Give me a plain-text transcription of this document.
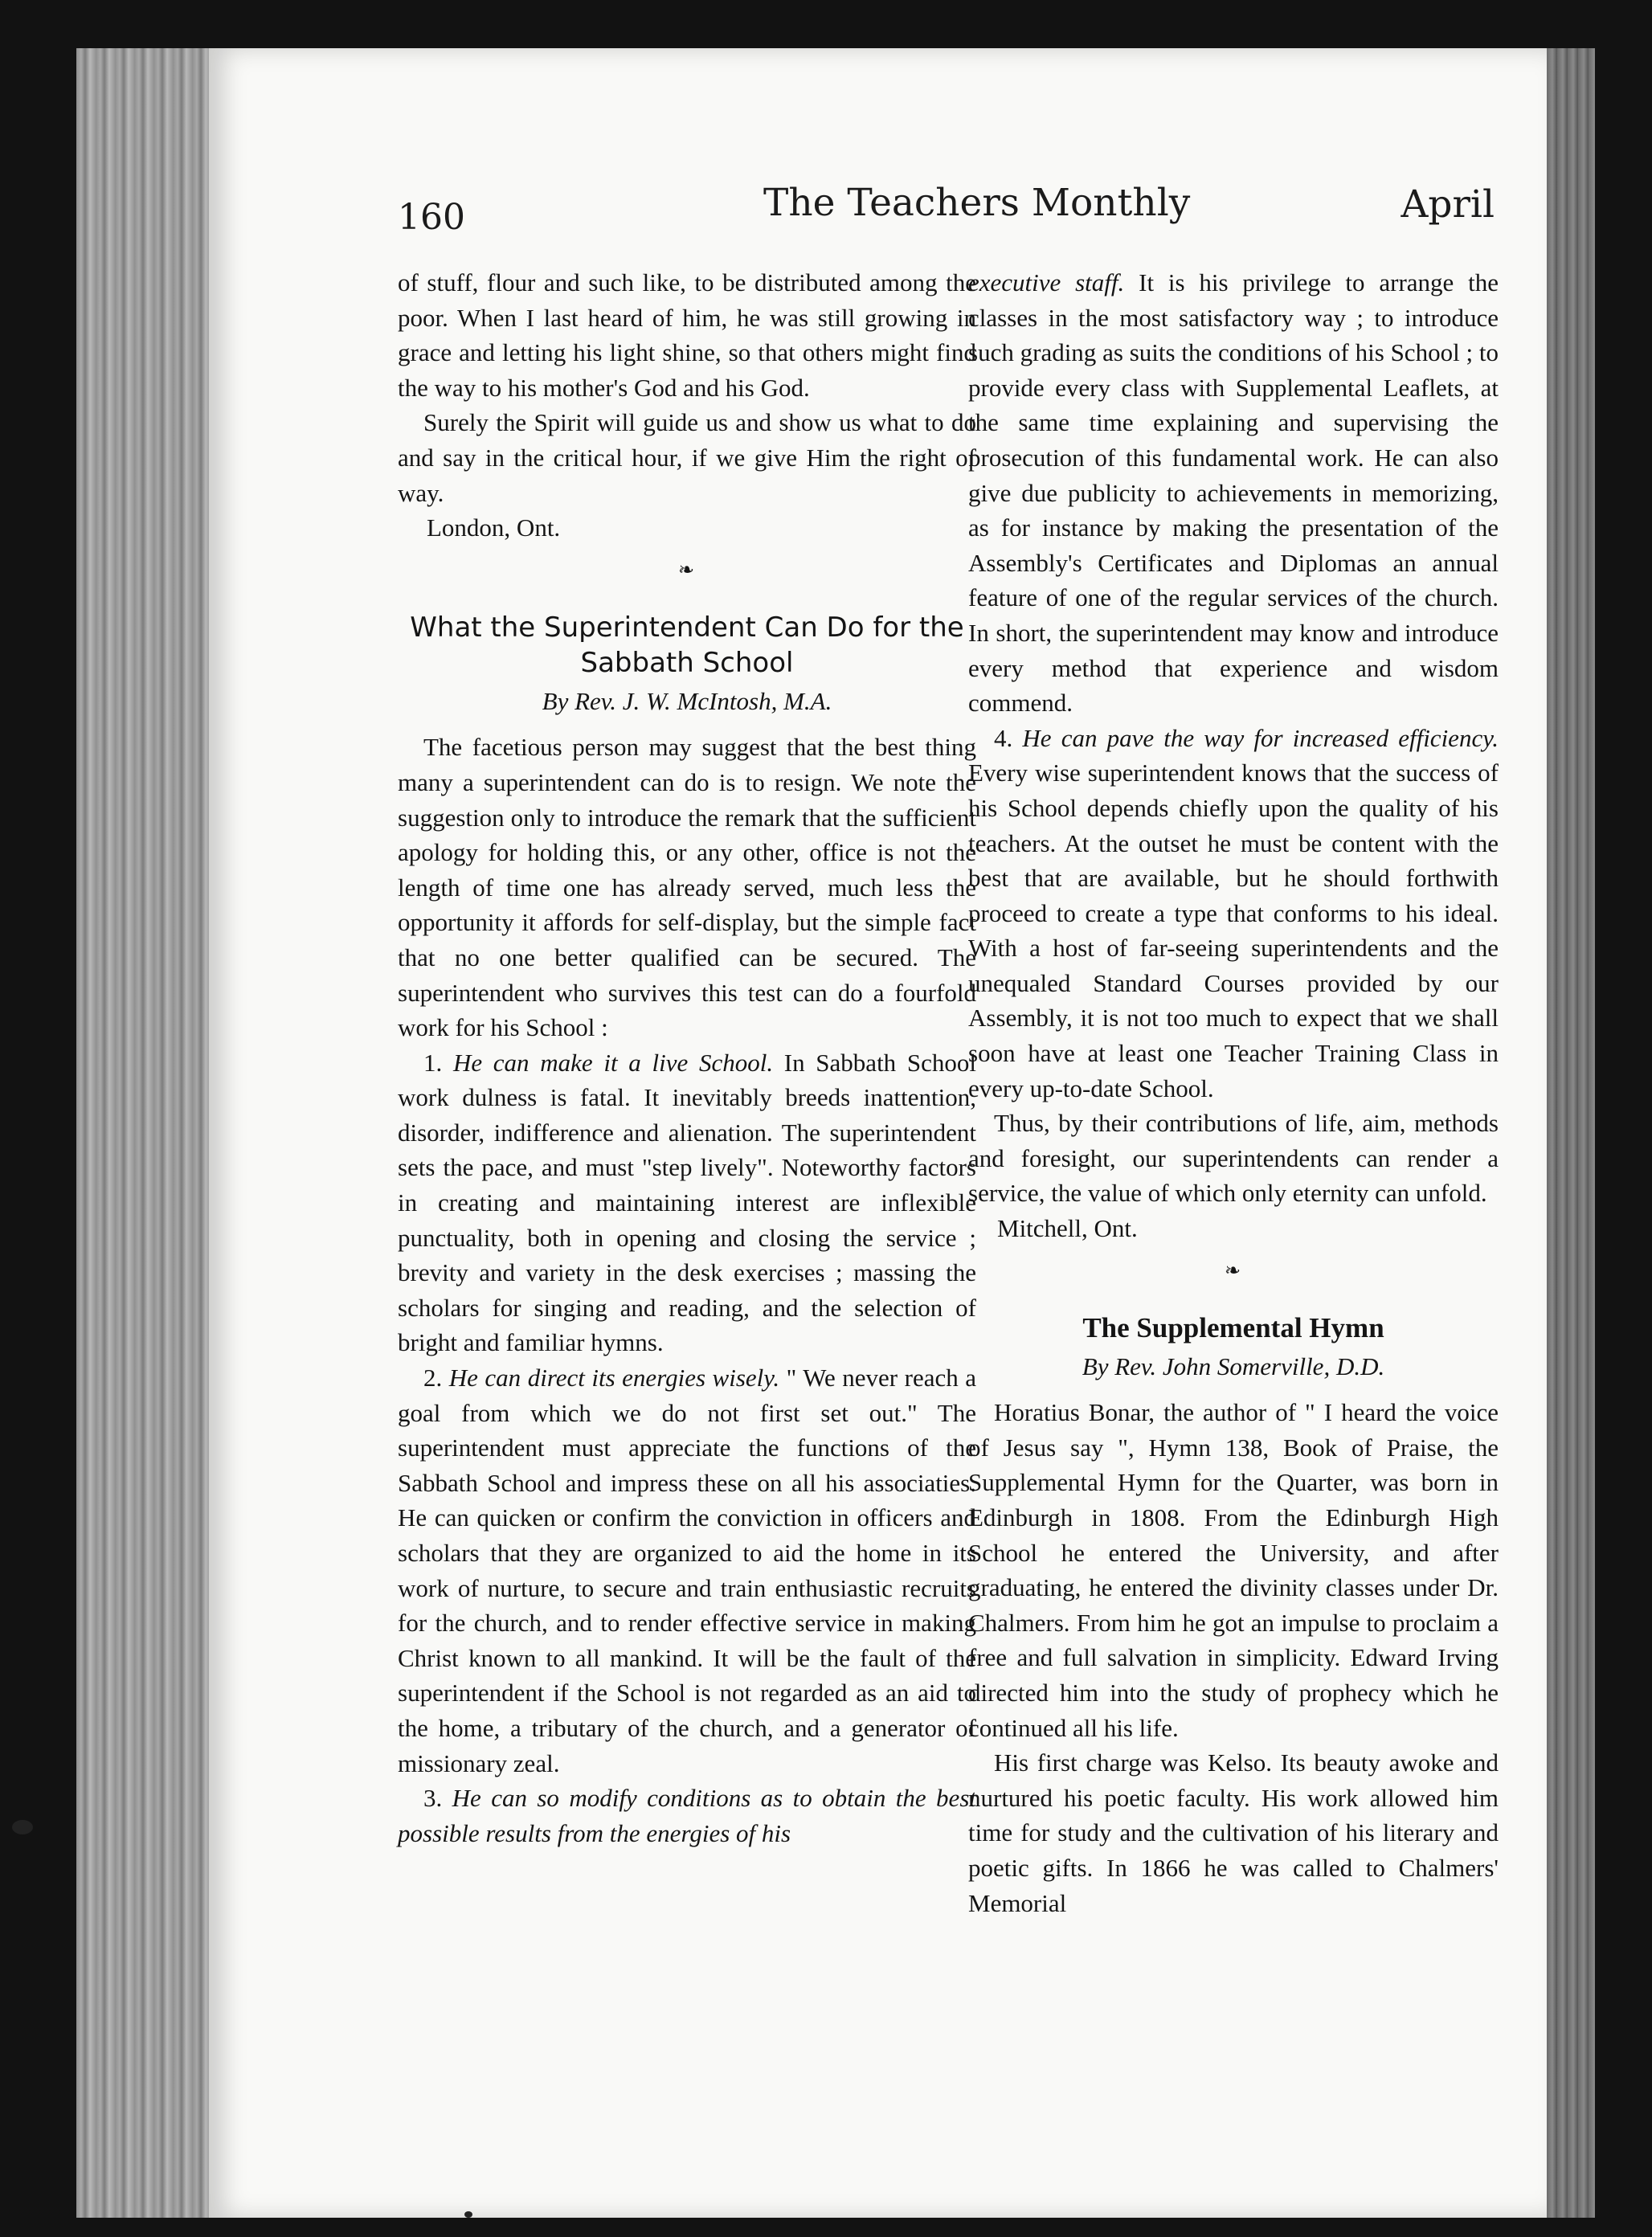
160	The Teachers Monthly	April

of stuff, flour and such like, to be distributed among the poor. When I last heard of him, he was still growing in grace and letting his light shine, so that others might find the way to his mother's God and his God.

Surely the Spirit will guide us and show us what to do and say in the critical hour, if we give Him the right of way.

London, Ont.

❧
What the Superintendent Can Do for the Sabbath School
By Rev. J. W. McIntosh, M.A.

The facetious person may suggest that the best thing many a superintendent can do is to resign. We note the suggestion only to introduce the remark that the sufficient apology for holding this, or any other, office is not the length of time one has already served, much less the opportunity it affords for self-display, but the simple fact that no one better qualified can be secured. The superintendent who survives this test can do a fourfold work for his School :

1. He can make it a live School. In Sabbath School work dulness is fatal. It inevitably breeds inattention, disorder, indifference and alienation. The superintendent sets the pace, and must "step lively". Noteworthy factors in creating and maintaining interest are inflexible punctuality, both in opening and closing the service ; brevity and variety in the desk exercises ; massing the scholars for singing and reading, and the selection of bright and familiar hymns.

2. He can direct its energies wisely. " We never reach a goal from which we do not first set out." The superintendent must appreciate the functions of the Sabbath School and impress these on all his associaties. He can quicken or confirm the conviction in officers and scholars that they are organized to aid the home in its work of nurture, to secure and train enthusiastic recruits for the church, and to render effective service in making Christ known to all mankind. It will be the fault of the superintendent if the School is not regarded as an aid to the home, a tributary of the church, and a generator of missionary zeal.

3. He can so modify conditions as to obtain the best possible results from the energies of his

executive staff. It is his privilege to arrange the classes in the most satisfactory way ; to introduce such grading as suits the conditions of his School ; to provide every class with Supplemental Leaflets, at the same time explaining and supervising the prosecution of this fundamental work. He can also give due publicity to achievements in memorizing, as for instance by making the presentation of the Assembly's Certificates and Diplomas an annual feature of one of the regular services of the church. In short, the superintendent may know and introduce every method that experience and wisdom commend.

4. He can pave the way for increased efficiency. Every wise superintendent knows that the success of his School depends chiefly upon the quality of his teachers. At the outset he must be content with the best that are available, but he should forthwith proceed to create a type that conforms to his ideal. With a host of far-seeing superintendents and the unequaled Standard Courses provided by our Assembly, it is not too much to expect that we shall soon have at least one Teacher Training Class in every up-to-date School.

Thus, by their contributions of life, aim, methods and foresight, our superintendents can render a service, the value of which only eternity can unfold.

Mitchell, Ont.

❧
The Supplemental Hymn
By Rev. John Somerville, D.D.

Horatius Bonar, the author of " I heard the voice of Jesus say ", Hymn 138, Book of Praise, the Supplemental Hymn for the Quarter, was born in Edinburgh in 1808. From the Edinburgh High School he entered the University, and after graduating, he entered the divinity classes under Dr. Chalmers. From him he got an impulse to proclaim a free and full salvation in simplicity. Edward Irving directed him into the study of prophecy which he continued all his life.

His first charge was Kelso. Its beauty awoke and nurtured his poetic faculty. His work allowed him time for study and the cultivation of his literary and poetic gifts. In 1866 he was called to Chalmers' Memorial
